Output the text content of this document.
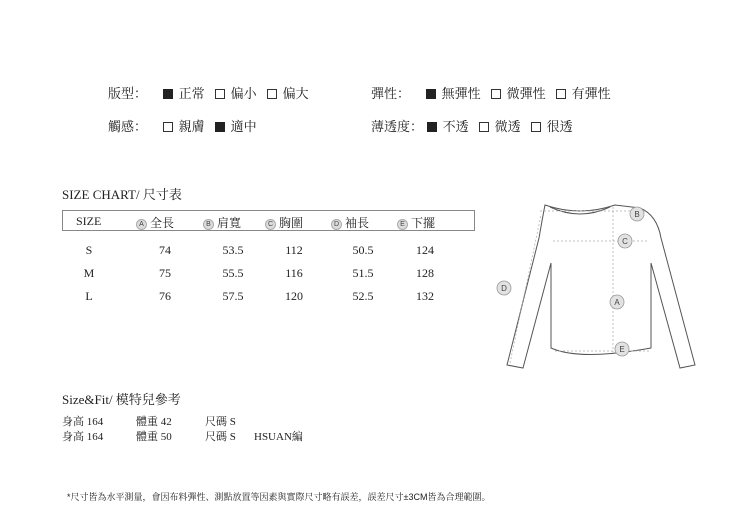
版型： 正常 偏小 偏大	彈性： 無彈性 微彈性 有彈性
觸感： 親膚 適中	薄透度： 不透 微透 很透
SIZE CHART/ 尺寸表
SIZE	A 全長	B 肩寬	C 胸圍	D 袖長	E 下擺
S	74	53.5	112	50.5	124
M	75	55.5	116	51.5	128
L	76	57.5	120	52.5	132
B
C
D
A
E
Size&Fit/ 模特兒參考
身高 164	體重 42	尺碼 S
身高 164	體重 50	尺碼 S HSUAN編
*尺寸皆為水平測量，會因布料彈性、測點放置等因素與實際尺寸略有誤差，誤差尺寸±3CM皆為合理範圍。
